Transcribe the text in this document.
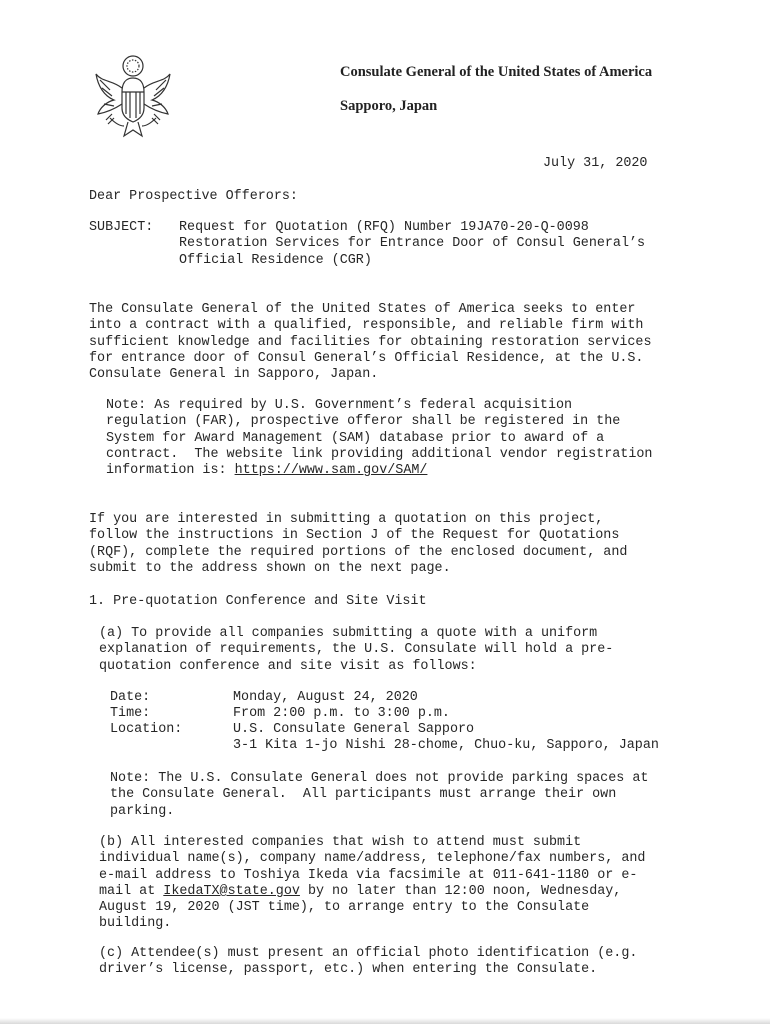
Consulate General of the United States of America
Sapporo, Japan
July 31, 2020
Dear Prospective Offerors:
SUBJECT: Request for Quotation (RFQ) Number 19JA70-20-Q-0098
Restoration Services for Entrance Door of Consul General’s
Official Residence (CGR)
The Consulate General of the United States of America seeks to enter
into a contract with a qualified, responsible, and reliable firm with
sufficient knowledge and facilities for obtaining restoration services
for entrance door of Consul General’s Official Residence, at the U.S.
Consulate General in Sapporo, Japan.
Note: As required by U.S. Government’s federal acquisition
regulation (FAR), prospective offeror shall be registered in the
System for Award Management (SAM) database prior to award of a
contract.  The website link providing additional vendor registration
information is: https://www.sam.gov/SAM/
If you are interested in submitting a quotation on this project,
follow the instructions in Section J of the Request for Quotations
(RQF), complete the required portions of the enclosed document, and
submit to the address shown on the next page.
1. Pre-quotation Conference and Site Visit
(a) To provide all companies submitting a quote with a uniform
explanation of requirements, the U.S. Consulate will hold a pre-
quotation conference and site visit as follows:
Date:	Monday, August 24, 2020
Time:	From 2:00 p.m. to 3:00 p.m.
Location:	U.S. Consulate General Sapporo
3-1 Kita 1-jo Nishi 28-chome, Chuo-ku, Sapporo, Japan
Note: The U.S. Consulate General does not provide parking spaces at
the Consulate General.  All participants must arrange their own
parking.
(b) All interested companies that wish to attend must submit
individual name(s), company name/address, telephone/fax numbers, and
e-mail address to Toshiya Ikeda via facsimile at 011-641-1180 or e-
mail at IkedaTX@state.gov by no later than 12:00 noon, Wednesday,
August 19, 2020 (JST time), to arrange entry to the Consulate
building.
(c) Attendee(s) must present an official photo identification (e.g.
driver’s license, passport, etc.) when entering the Consulate.
